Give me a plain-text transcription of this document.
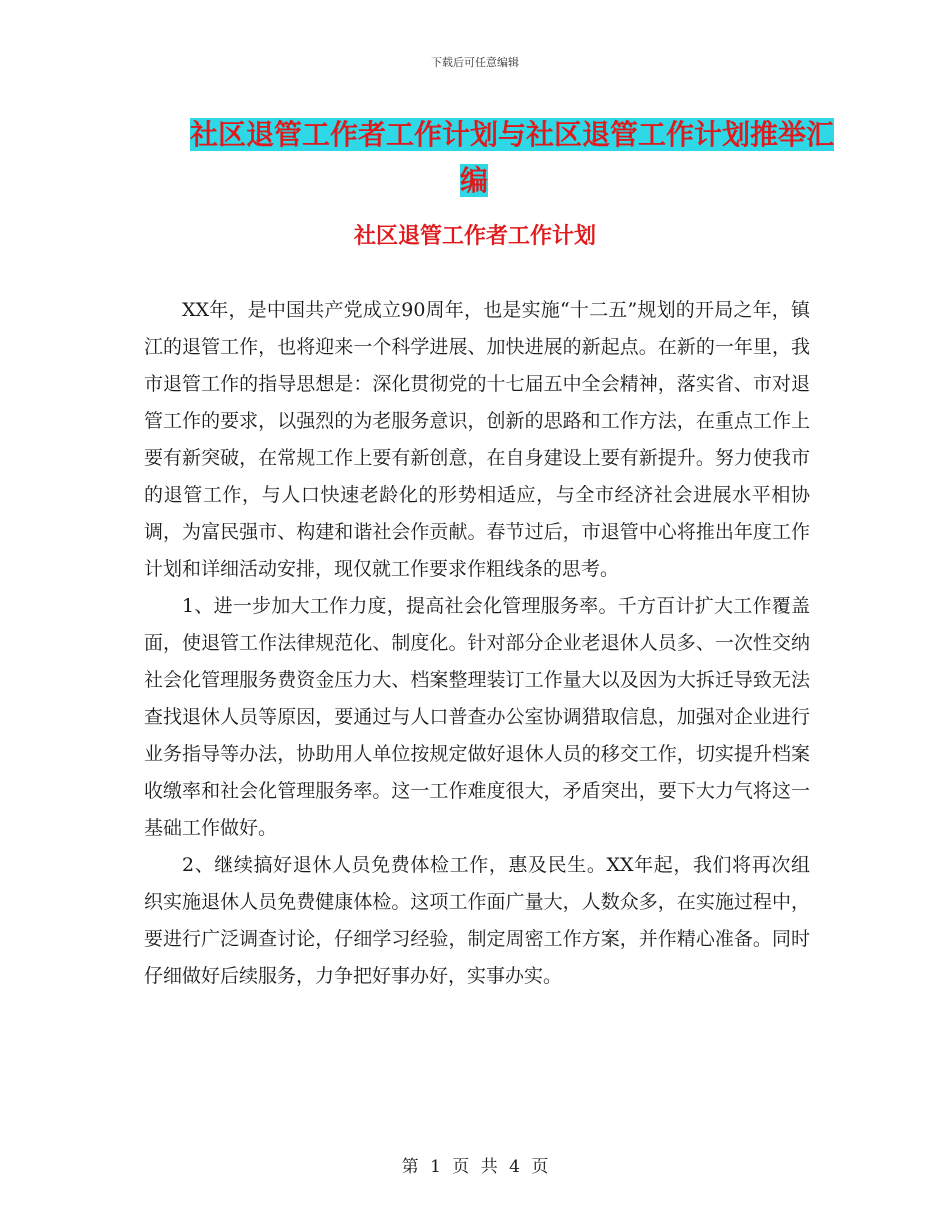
下载后可任意编辑
社区退管工作者工作计划与社区退管工作计划推举汇
编
社区退管工作者工作计划

XX年，是中国共产党成立90周年，也是实施“十二五”规划的开局之年，镇江的退管工作，也将迎来一个科学进展、加快进展的新起点。在新的一年里，我市退管工作的指导思想是：深化贯彻党的十七届五中全会精神，落实省、市对退管工作的要求，以强烈的为老服务意识，创新的思路和工作方法，在重点工作上要有新突破，在常规工作上要有新创意，在自身建设上要有新提升。努力使我市的退管工作，与人口快速老龄化的形势相适应，与全市经济社会进展水平相协调，为富民强市、构建和谐社会作贡献。春节过后，市退管中心将推出年度工作计划和详细活动安排，现仅就工作要求作粗线条的思考。

1、进一步加大工作力度，提高社会化管理服务率。千方百计扩大工作覆盖面，使退管工作法律规范化、制度化。针对部分企业老退休人员多、一次性交纳社会化管理服务费资金压力大、档案整理装订工作量大以及因为大拆迁导致无法查找退休人员等原因，要通过与人口普查办公室协调猎取信息，加强对企业进行业务指导等办法，协助用人单位按规定做好退休人员的移交工作，切实提升档案收缴率和社会化管理服务率。这一工作难度很大，矛盾突出，要下大力气将这一基础工作做好。

2、继续搞好退休人员免费体检工作，惠及民生。XX年起，我们将再次组织实施退休人员免费健康体检。这项工作面广量大，人数众多，在实施过程中，要进行广泛调查讨论，仔细学习经验，制定周密工作方案，并作精心准备。同时仔细做好后续服务，力争把好事办好，实事办实。

第 1 页 共 4 页
